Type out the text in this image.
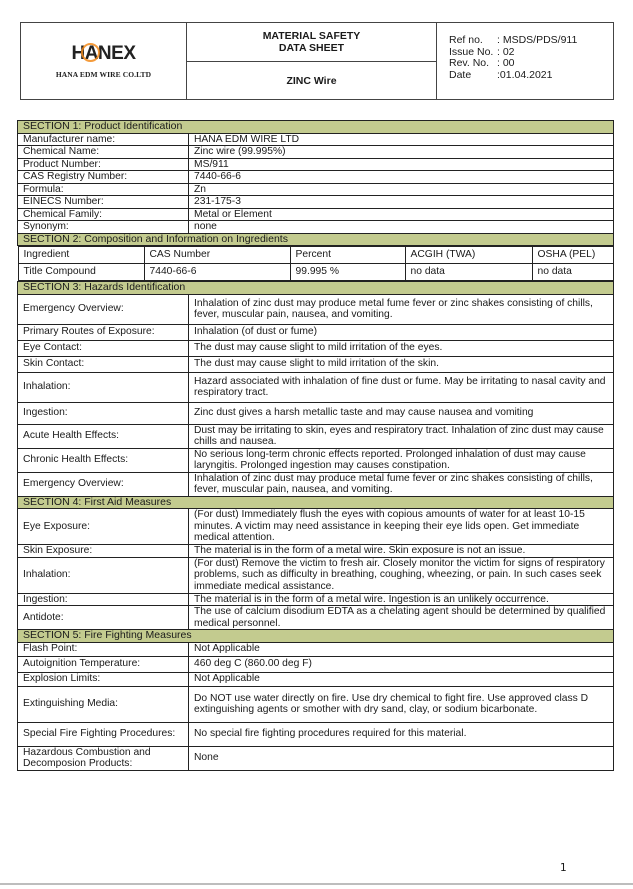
HANEX
HANA EDM WIRE CO.LTD
MATERIAL SAFETY
DATA SHEET
ZINC Wire
Ref no.	: MSDS/PDS/911
Issue No. : 02
Rev. No. : 00
Date	:01.04.2021
SECTION 1: Product Identification
Manufacturer name:	HANA EDM WIRE LTD
Chemical Name:	Zinc wire (99.995%)
Product Number:	MS/911
CAS Registry Number:	7440-66-6
Formula:	Zn
EINECS Number:	231-175-3
Chemical Family:	Metal or Element
Synonym:	none
SECTION 2: Composition and Information on Ingredients

Ingredient	CAS Number	Percent	ACGIH (TWA)	OSHA (PEL)
Title Compound	7440-66-6	99.995 %	no data	no data

SECTION 3: Hazards Identification
Emergency Overview:	Inhalation of zinc dust may produce metal fume fever or zinc shakes consisting of chills, fever, muscular pain, nausea, and vomiting.
Primary Routes of Exposure:	Inhalation (of dust or fume)
Eye Contact:	The dust may cause slight to mild irritation of the eyes.
Skin Contact:	The dust may cause slight to mild irritation of the skin.
Inhalation:	Hazard associated with inhalation of fine dust or fume. May be irritating to nasal cavity and respiratory tract.
Ingestion:	Zinc dust gives a harsh metallic taste and may cause nausea and vomiting
Acute Health Effects:	Dust may be irritating to skin, eyes and respiratory tract. Inhalation of zinc dust may cause chills and nausea.
Chronic Health Effects:	No serious long-term chronic effects reported. Prolonged inhalation of dust may cause laryngitis. Prolonged ingestion may causes constipation.
Emergency Overview:	Inhalation of zinc dust may produce metal fume fever or zinc shakes consisting of chills, fever, muscular pain, nausea, and vomiting.
SECTION 4: First Aid Measures
Eye Exposure:	(For dust) Immediately flush the eyes with copious amounts of water for at least 10-15 minutes. A victim may need assistance in keeping their eye lids open. Get immediate medical attention.
Skin Exposure:	The material is in the form of a metal wire. Skin exposure is not an issue.
Inhalation:	(For dust) Remove the victim to fresh air. Closely monitor the victim for signs of respiratory problems, such as difficulty in breathing, coughing, wheezing, or pain. In such cases seek immediate medical assistance.
Ingestion:	The material is in the form of a metal wire. Ingestion is an unlikely occurrence.
Antidote:	The use of calcium disodium EDTA as a chelating agent should be determined by qualified medical personnel.
SECTION 5: Fire Fighting Measures
Flash Point:	Not Applicable
Autoignition Temperature:	460 deg C (860.00 deg F)
Explosion Limits:	Not Applicable
Extinguishing Media:	Do NOT use water directly on fire. Use dry chemical to fight fire. Use approved class D extinguishing agents or smother with dry sand, clay, or sodium bicarbonate.
Special Fire Fighting Procedures:	No special fire fighting procedures required for this material.
Hazardous Combustion and Decomposion Products:	None
1
